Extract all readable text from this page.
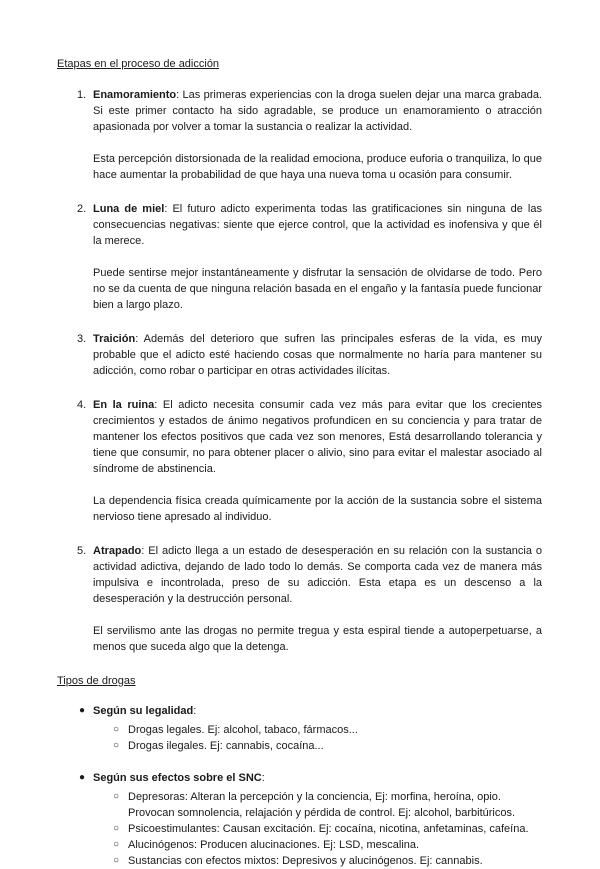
Etapas en el proceso de adicción
1. Enamoramiento: Las primeras experiencias con la droga suelen dejar una marca grabada. Si este primer contacto ha sido agradable, se produce un enamoramiento o atracción apasionada por volver a tomar la sustancia o realizar la actividad.

Esta percepción distorsionada de la realidad emociona, produce euforia o tranquiliza, lo que hace aumentar la probabilidad de que haya una nueva toma u ocasión para consumir.

2. Luna de miel: El futuro adicto experimenta todas las gratificaciones sin ninguna de las consecuencias negativas: siente que ejerce control, que la actividad es inofensiva y que él la merece.

Puede sentirse mejor instantáneamente y disfrutar la sensación de olvidarse de todo. Pero no se da cuenta de que ninguna relación basada en el engaño y la fantasía puede funcionar bien a largo plazo.

3. Traición: Además del deterioro que sufren las principales esferas de la vida, es muy probable que el adicto esté haciendo cosas que normalmente no haría para mantener su adicción, como robar o participar en otras actividades ilícitas.

4. En la ruina: El adicto necesita consumir cada vez más para evitar que los crecientes crecimientos y estados de ánimo negativos profundicen en su conciencia y para tratar de mantener los efectos positivos que cada vez son menores, Está desarrollando tolerancia y tiene que consumir, no para obtener placer o alivio, sino para evitar el malestar asociado al síndrome de abstinencia.

La dependencia física creada químicamente por la acción de la sustancia sobre el sistema nervioso tiene apresado al individuo.

5. Atrapado: El adicto llega a un estado de desesperación en su relación con la sustancia o actividad adictiva, dejando de lado todo lo demás. Se comporta cada vez de manera más impulsiva e incontrolada, preso de su adicción. Esta etapa es un descenso a la desesperación y la destrucción personal.

El servilismo ante las drogas no permite tregua y esta espiral tiende a autoperpetuarse, a menos que suceda algo que la detenga.

Tipos de drogas
● Según su legalidad:
○ Drogas legales. Ej: alcohol, tabaco, fármacos...
○ Drogas ilegales. Ej: cannabis, cocaína...
● Según sus efectos sobre el SNC:
○ Depresoras: Alteran la percepción y la conciencia, Ej: morfina, heroína, opio. Provocan somnolencia, relajación y pérdida de control. Ej: alcohol, barbitúricos.
○ Psicoestimulantes: Causan excitación. Ej: cocaína, nicotina, anfetaminas, cafeína.
○ Alucinógenos: Producen alucinaciones. Ej: LSD, mescalina.
○ Sustancias con efectos mixtos: Depresivos y alucinógenos. Ej: cannabis.
